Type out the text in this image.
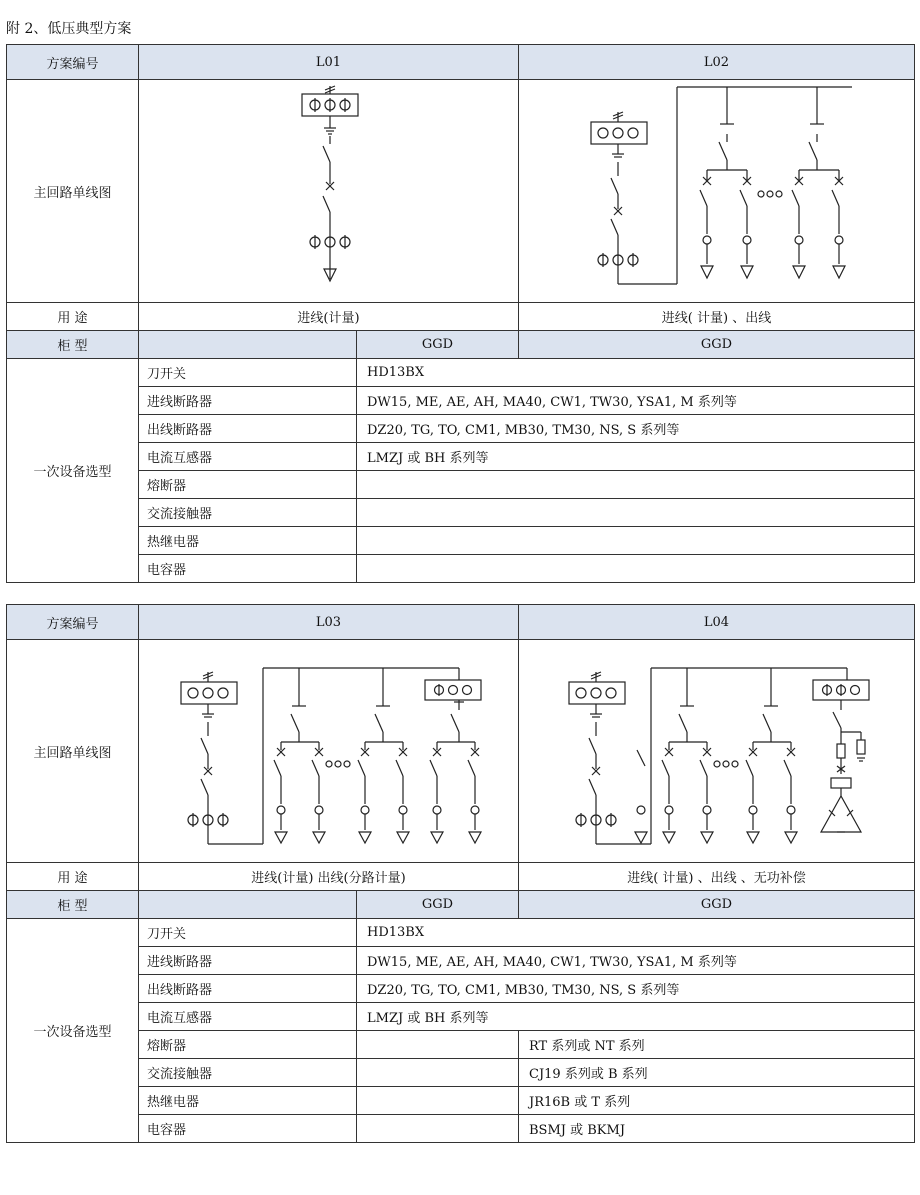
附 2、低压典型方案
方案编号	L01		L02
主回路单线图	

用 途	进线(计量)		进线( 计量) 、出线
柜 型		GGD	GGD
一次设备选型	刀开关	HD13BX	
	进线断路器	DW15, ME, AE, AH, MA40, CW1, TW30, YSA1, M 系列等	
	出线断路器	DZ20, TG, TO, CM1, MB30, TM30, NS, S 系列等	
	电流互感器	LMZJ 或 BH 系列等	
	熔断器		
	交流接触器		
	热继电器		
	电容器		
方案编号	L03		L04
主回路单线图	

用 途	进线(计量) 出线(分路计量)		进线( 计量) 、出线 、无功补偿
柜 型		GGD	GGD
一次设备选型	刀开关	HD13BX	
	进线断路器	DW15, ME, AE, AH, MA40, CW1, TW30, YSA1, M 系列等	
	出线断路器	DZ20, TG, TO, CM1, MB30, TM30, NS, S 系列等	
	电流互感器	LMZJ 或 BH 系列等	
	熔断器		RT 系列或 NT 系列
	交流接触器		CJ19 系列或 B 系列
	热继电器		JR16B 或 T 系列
	电容器		BSMJ 或 BKMJ
